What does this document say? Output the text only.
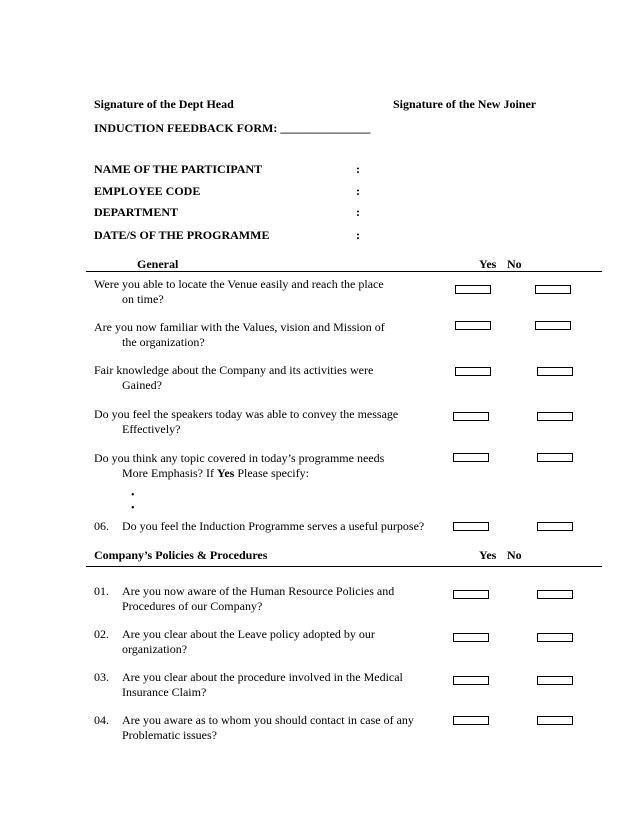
Signature of the Dept Head	Signature of the New Joiner
INDUCTION FEEDBACK FORM: _______________
NAME OF THE PARTICIPANT	:
EMPLOYEE CODE	:
DEPARTMENT	:
DATE/S OF THE PROGRAMME	:
General	Yes No
Were you able to locate the Venue easily and reach the place
on time?
Are you now familiar with the Values, vision and Mission of
the organization?
Fair knowledge about the Company and its activities were
Gained?
Do you feel the speakers today was able to convey the message
Effectively?
Do you think any topic covered in today’s programme needs
More Emphasis? If Yes Please specify:
•
•
06. Do you feel the Induction Programme serves a useful purpose?
Company’s Policies & Procedures	Yes No
01. Are you now aware of the Human Resource Policies and
Procedures of our Company?
02. Are you clear about the Leave policy adopted by our
organization?
03. Are you clear about the procedure involved in the Medical
Insurance Claim?
04. Are you aware as to whom you should contact in case of any
Problematic issues?
